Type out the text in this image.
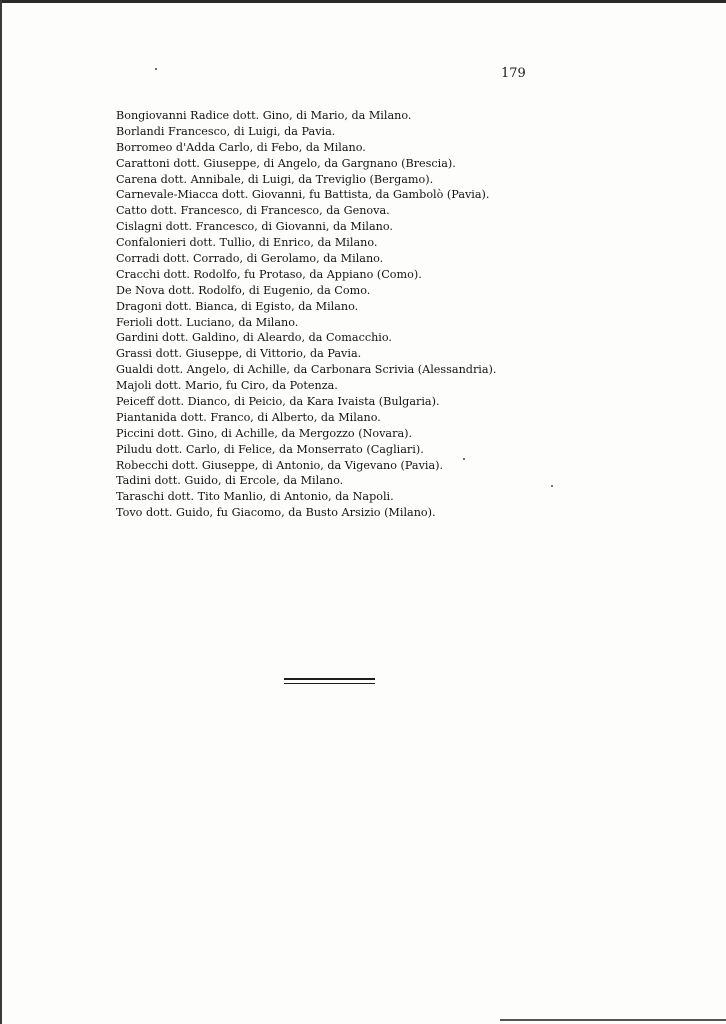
179
Bongiovanni Radice dott. Gino, di Mario, da Milano.
Borlandi Francesco, di Luigi, da Pavia.
Borromeo d'Adda Carlo, di Febo, da Milano.
Carattoni dott. Giuseppe, di Angelo, da Gargnano (Brescia).
Carena dott. Annibale, di Luigi, da Treviglio (Bergamo).
Carnevale-Miacca dott. Giovanni, fu Battista, da Gambolò (Pavia).
Catto dott. Francesco, di Francesco, da Genova.
Cislagni dott. Francesco, di Giovanni, da Milano.
Confalonieri dott. Tullio, di Enrico, da Milano.
Corradi dott. Corrado, di Gerolamo, da Milano.
Cracchi dott. Rodolfo, fu Protaso, da Appiano (Como).
De Nova dott. Rodolfo, di Eugenio, da Como.
Dragoni dott. Bianca, di Egisto, da Milano.
Ferioli dott. Luciano, da Milano.
Gardini dott. Galdino, di Aleardo, da Comacchio.
Grassi dott. Giuseppe, di Vittorio, da Pavia.
Gualdi dott. Angelo, di Achille, da Carbonara Scrivia (Alessandria).
Majoli dott. Mario, fu Ciro, da Potenza.
Peiceff dott. Dianco, di Peicio, da Kara Ivaista (Bulgaria).
Piantanida dott. Franco, di Alberto, da Milano.
Piccini dott. Gino, di Achille, da Mergozzo (Novara).
Piludu dott. Carlo, di Felice, da Monserrato (Cagliari).
Robecchi dott. Giuseppe, di Antonio, da Vigevano (Pavia).
Tadini dott. Guido, di Ercole, da Milano.
Taraschi dott. Tito Manlio, di Antonio, da Napoli.
Tovo dott. Guido, fu Giacomo, da Busto Arsizio (Milano).
